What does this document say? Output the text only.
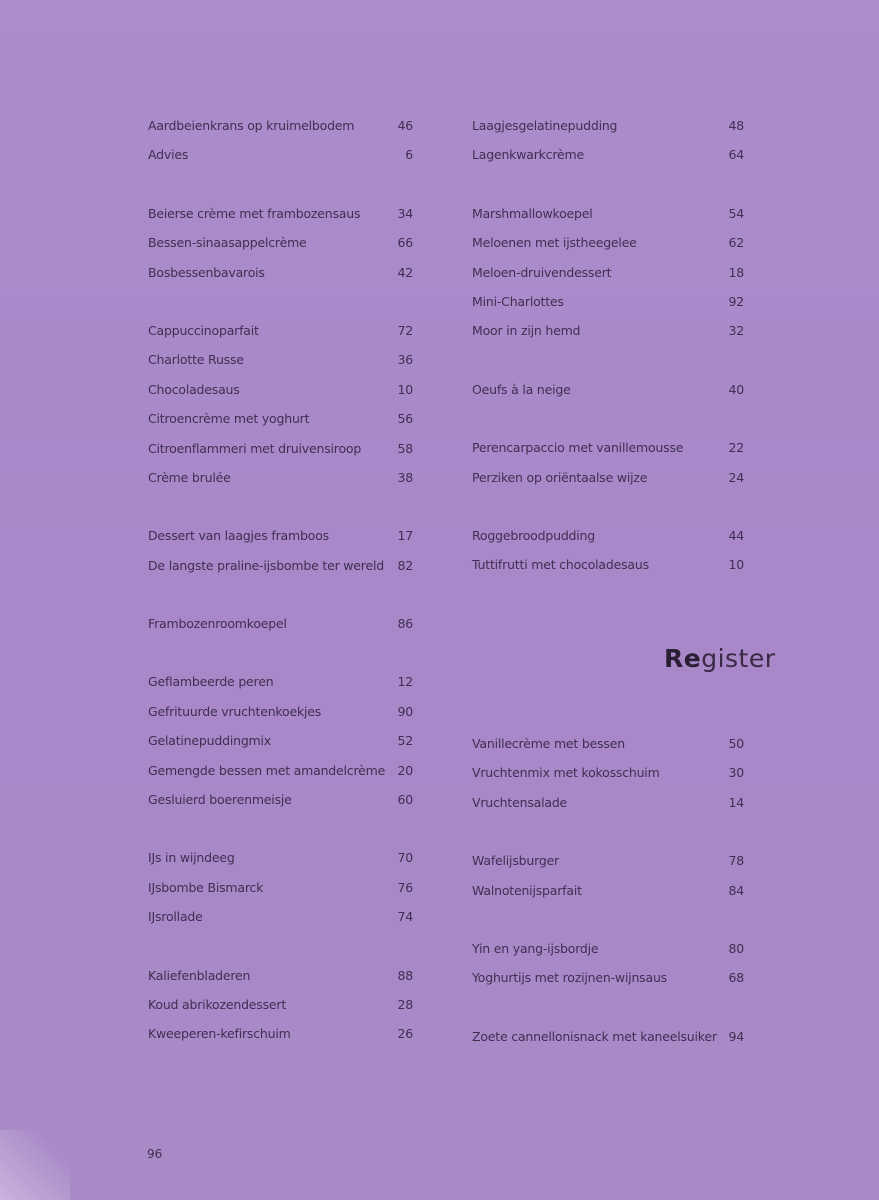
Aardbeienkrans op kruimelbodem	46
Advies	6
Beierse crème met frambozensaus	34
Bessen-sinaasappelcrème	66
Bosbessenbavarois	42
Cappuccinoparfait	72
Charlotte Russe	36
Chocoladesaus	10
Citroencrème met yoghurt	56
Citroenflammeri met druivensiroop	58
Crème brulée	38
Dessert van laagjes framboos	17
De langste praline-ijsbombe ter wereld	82
Frambozenroomkoepel	86
Geflambeerde peren	12
Gefrituurde vruchtenkoekjes	90
Gelatinepuddingmix	52
Gemengde bessen met amandelcrème 20
Gesluierd boerenmeisje	60
IJs in wijndeeg	70
IJsbombe Bismarck	76
IJsrollade	74
Kaliefenbladeren	88
Koud abrikozendessert	28
Kweeperen-kefirschuim	26
Laagjesgelatinepudding	48
Lagenkwarkcrème	64
Marshmallowkoepel	54
Meloenen met ijstheegelee	62
Meloen-druivendessert	18
Mini-Charlottes	92
Moor in zijn hemd	32
Oeufs à la neige	40
Perencarpaccio met vanillemousse	22
Perziken op oriëntaalse wijze	24
Roggebroodpudding	44
Tuttifrutti met chocoladesaus	10
Vanillecrème met bessen	50
Vruchtenmix met kokosschuim	30
Vruchtensalade	14
Wafelijsburger	78
Walnotenijsparfait	84
Yin en yang-ijsbordje	80
Yoghurtijs met rozijnen-wijnsaus	68
Zoete cannellonisnack met kaneelsuiker 94
Register
96
